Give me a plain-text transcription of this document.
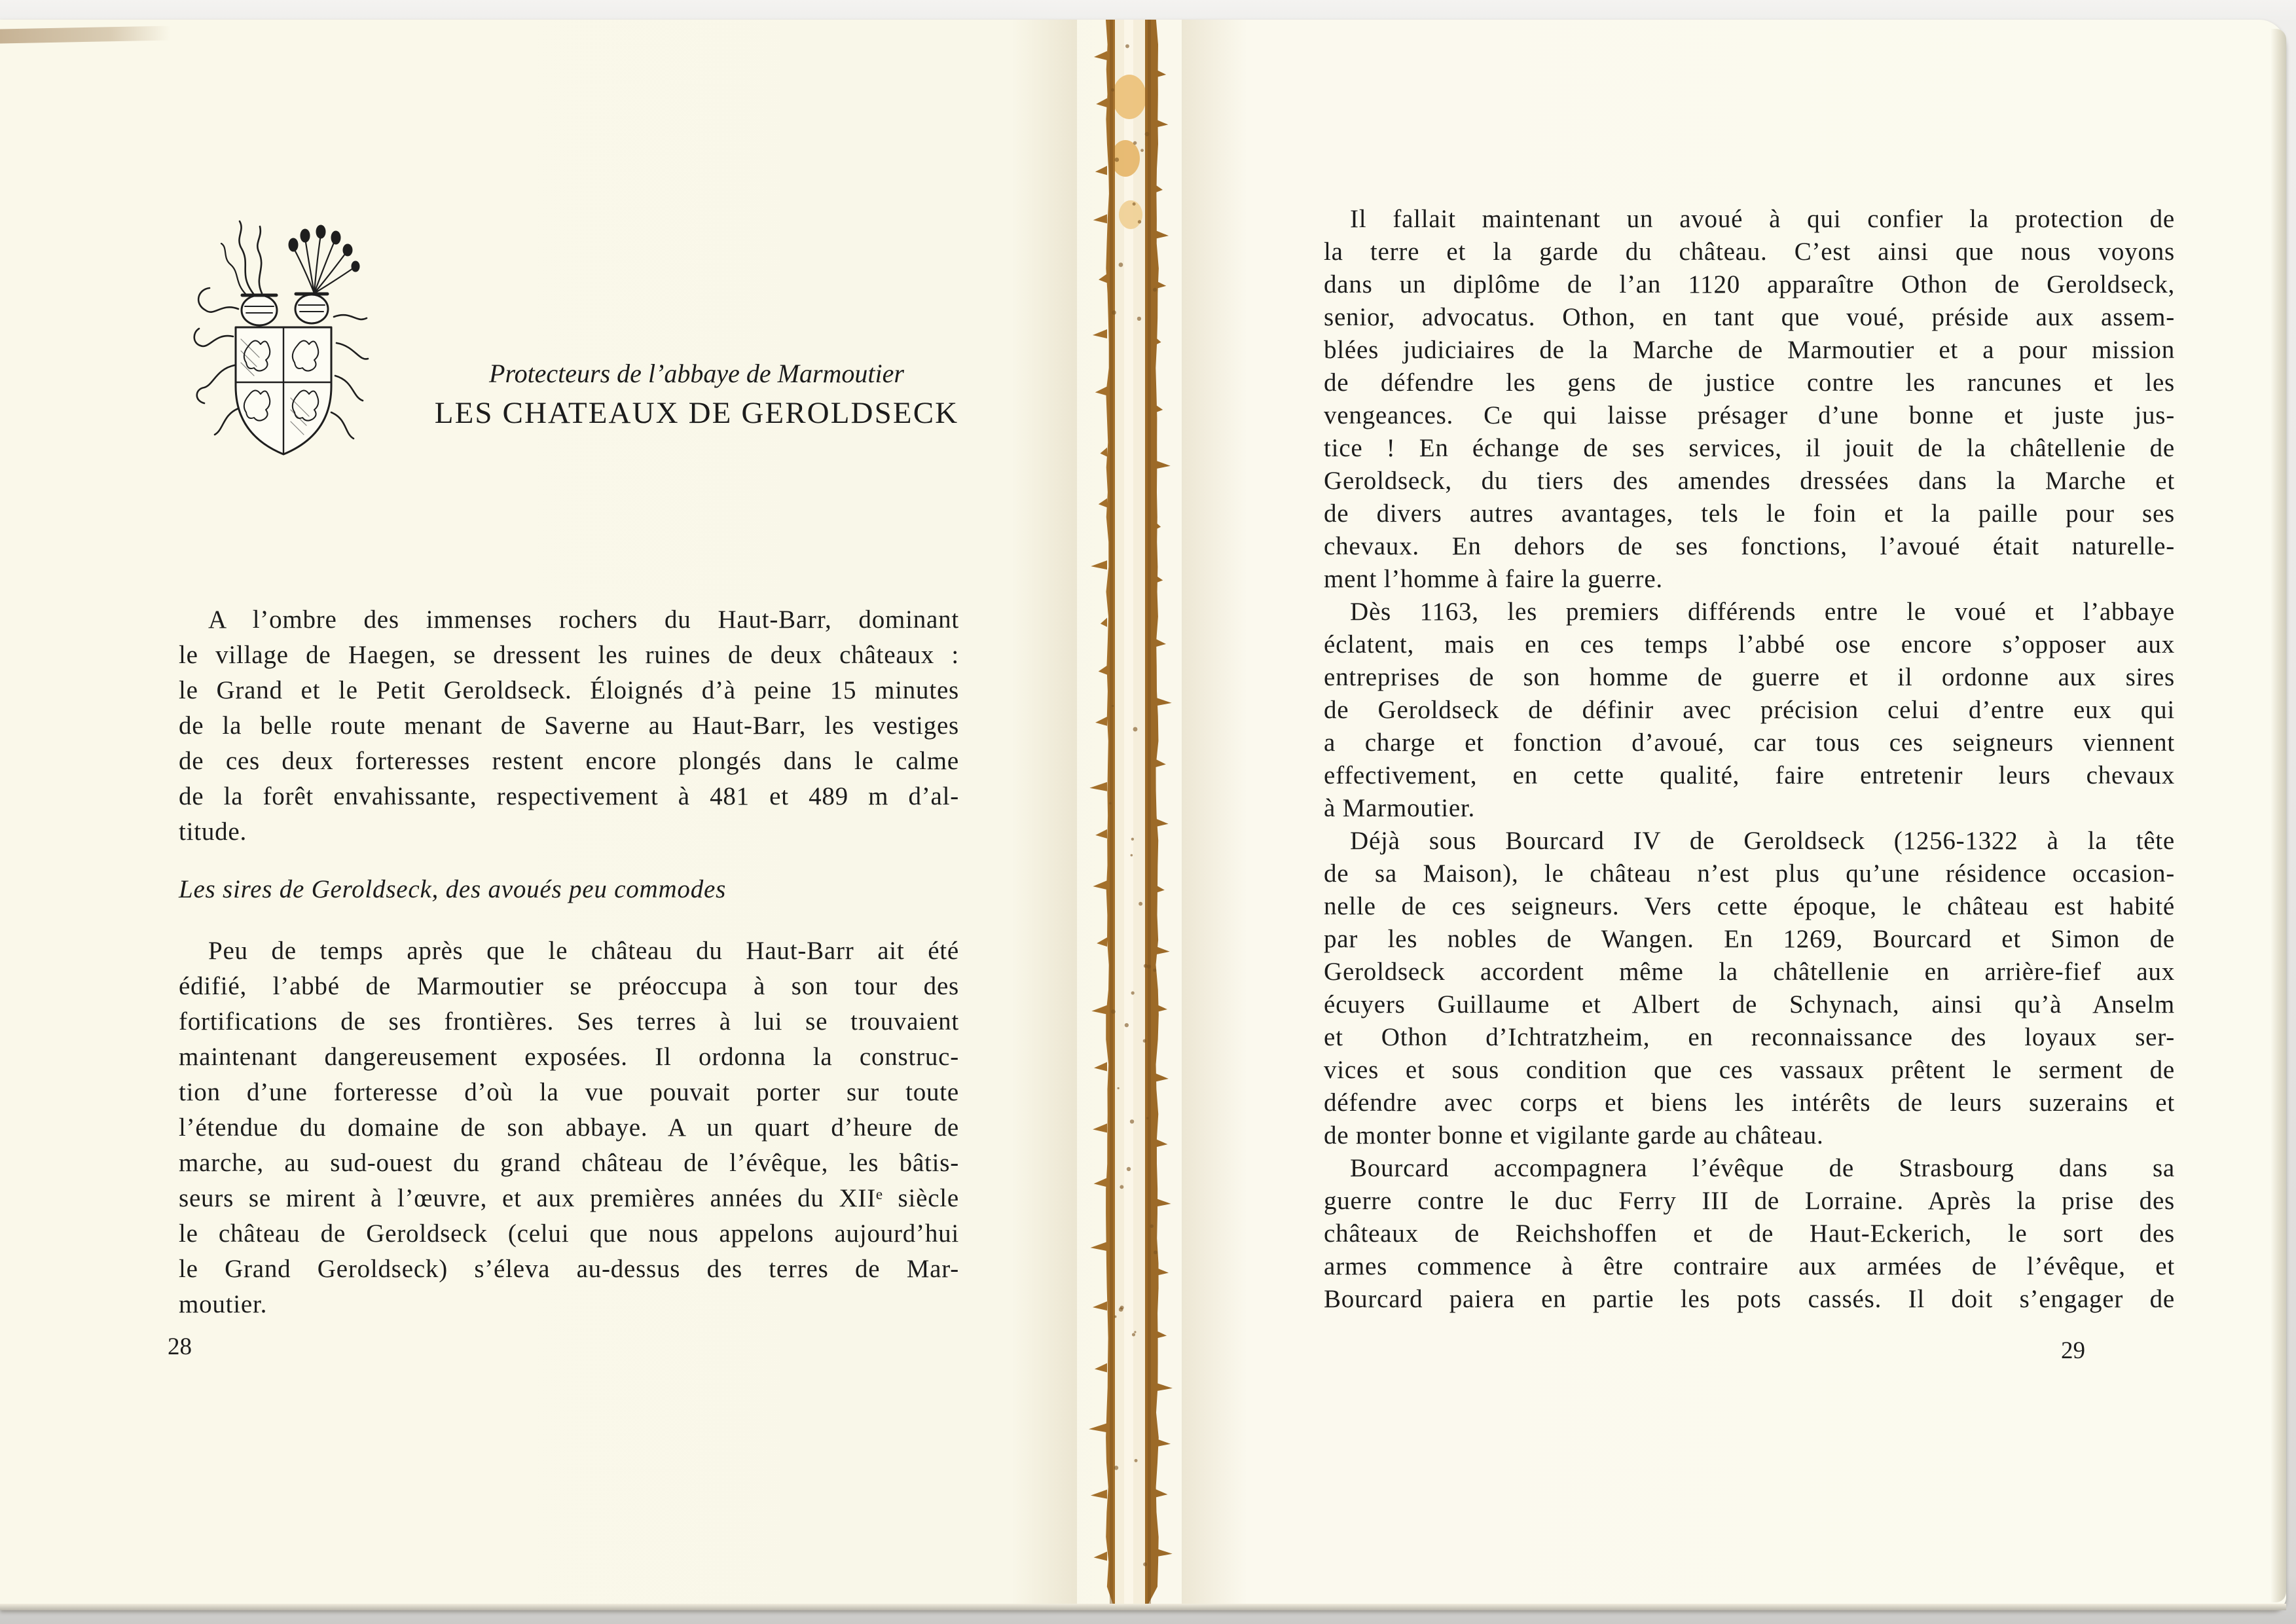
Protecteurs de l’abbaye de Marmoutier
LES CHATEAUX DE GEROLDSECK
A l’ombre des immenses rochers du Haut-Barr, dominant
le village de Haegen, se dressent les ruines de deux châteaux :
le Grand et le Petit Geroldseck. Éloignés d’à peine 15 minutes
de la belle route menant de Saverne au Haut-Barr, les vestiges
de ces deux forteresses restent encore plongés dans le calme
de la forêt envahissante, respectivement à 481 et 489 m d’al-
titude.
Les sires de Geroldseck, des avoués peu commodes
Peu de temps après que le château du Haut-Barr ait été
édifié, l’abbé de Marmoutier se préoccupa à son tour des
fortifications de ses frontières. Ses terres à lui se trouvaient
maintenant dangereusement exposées. Il ordonna la construc-
tion d’une forteresse d’où la vue pouvait porter sur toute
l’étendue du domaine de son abbaye. A un quart d’heure de
marche, au sud-ouest du grand château de l’évêque, les bâtis-
seurs se mirent à l’œuvre, et aux premières années du XIIᵉ siècle
le château de Geroldseck (celui que nous appelons aujourd’hui
le Grand Geroldseck) s’éleva au-dessus des terres de Mar-
moutier.
28
Il fallait maintenant un avoué à qui confier la protection de
la terre et la garde du château. C’est ainsi que nous voyons
dans un diplôme de l’an 1120 apparaître Othon de Geroldseck,
senior, advocatus. Othon, en tant que voué, préside aux assem-
blées judiciaires de la Marche de Marmoutier et a pour mission
de défendre les gens de justice contre les rancunes et les
vengeances. Ce qui laisse présager d’une bonne et juste jus-
tice ! En échange de ses services, il jouit de la châtellenie de
Geroldseck, du tiers des amendes dressées dans la Marche et
de divers autres avantages, tels le foin et la paille pour ses
chevaux. En dehors de ses fonctions, l’avoué était naturelle-
ment l’homme à faire la guerre.
Dès 1163, les premiers différends entre le voué et l’abbaye
éclatent, mais en ces temps l’abbé ose encore s’opposer aux
entreprises de son homme de guerre et il ordonne aux sires
de Geroldseck de définir avec précision celui d’entre eux qui
a charge et fonction d’avoué, car tous ces seigneurs viennent
effectivement, en cette qualité, faire entretenir leurs chevaux
à Marmoutier.
Déjà sous Bourcard IV de Geroldseck (1256-1322 à la tête
de sa Maison), le château n’est plus qu’une résidence occasion-
nelle de ces seigneurs. Vers cette époque, le château est habité
par les nobles de Wangen. En 1269, Bourcard et Simon de
Geroldseck accordent même la châtellenie en arrière-fief aux
écuyers Guillaume et Albert de Schynach, ainsi qu’à Anselm
et Othon d’Ichtratzheim, en reconnaissance des loyaux ser-
vices et sous condition que ces vassaux prêtent le serment de
défendre avec corps et biens les intérêts de leurs suzerains et
de monter bonne et vigilante garde au château.
Bourcard accompagnera l’évêque de Strasbourg dans sa
guerre contre le duc Ferry III de Lorraine. Après la prise des
châteaux de Reichshoffen et de Haut-Eckerich, le sort des
armes commence à être contraire aux armées de l’évêque, et
Bourcard paiera en partie les pots cassés. Il doit s’engager de
29
